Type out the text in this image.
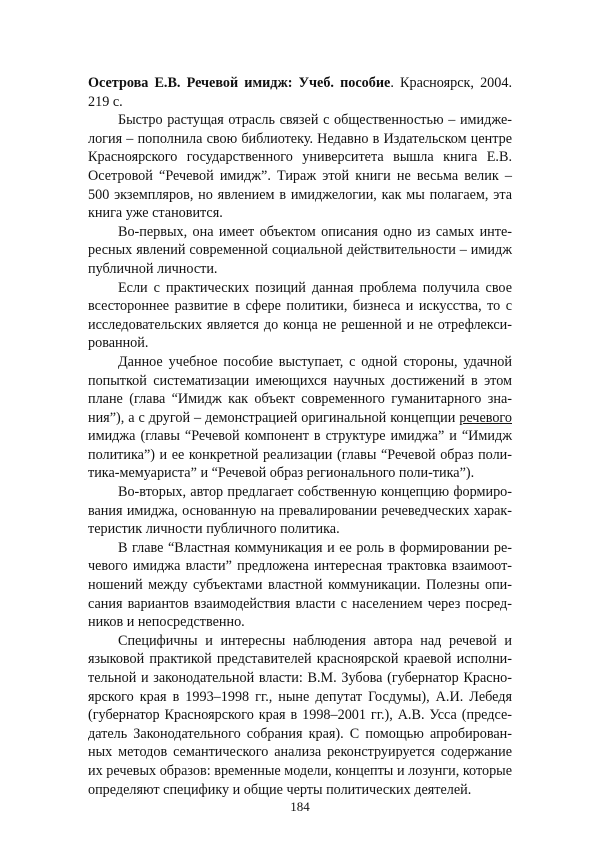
Осетрова Е.В. Речевой имидж: Учеб. пособие. Красноярск, 2004. 219 с.

Быстро растущая отрасль связей с общественностью – имиджелогия – пополнила свою библиотеку. Недавно в Издательском центре Красноярского государственного университета вышла книга Е.В. Осетровой “Речевой имидж”. Тираж этой книги не весьма велик – 500 экземпляров, но явлением в имиджелогии, как мы полагаем, эта книга уже становится.

Во-первых, она имеет объектом описания одно из самых интересных явлений современной социальной действительности – имидж публичной личности.

Если с практических позиций данная проблема получила свое всестороннее развитие в сфере политики, бизнеса и искусства, то с исследовательских является до конца не решенной и не отрефлексированной.

Данное учебное пособие выступает, с одной стороны, удачной попыткой систематизации имеющихся научных достижений в этом плане (глава “Имидж как объект современного гуманитарного знания”), а с другой – демонстрацией оригинальной концепции речевого имиджа (главы “Речевой компонент в структуре имиджа” и “Имидж политика”) и ее конкретной реализации (главы “Речевой образ политика-мемуариста” и “Речевой образ регионального поли-тика”).

Во-вторых, автор предлагает собственную концепцию формирования имиджа, основанную на превалировании речеведческих характеристик личности публичного политика.

В главе “Властная коммуникация и ее роль в формировании речевого имиджа власти” предложена интересная трактовка взаимоотношений между субъектами властной коммуникации. Полезны описания вариантов взаимодействия власти с населением через посредников и непосредственно.

Специфичны и интересны наблюдения автора над речевой и языковой практикой представителей красноярской краевой исполнительной и законодательной власти: В.М. Зубова (губернатор Красноярского края в 1993–1998 гг., ныне депутат Госдумы), А.И. Лебедя (губернатор Красноярского края в 1998–2001 гг.), А.В. Усса (председатель Законодательного собрания края). С помощью апробированных методов семантического анализа реконструируется содержание их речевых образов: временные модели, концепты и лозунги, которые определяют специфику и общие черты политических деятелей.

184
